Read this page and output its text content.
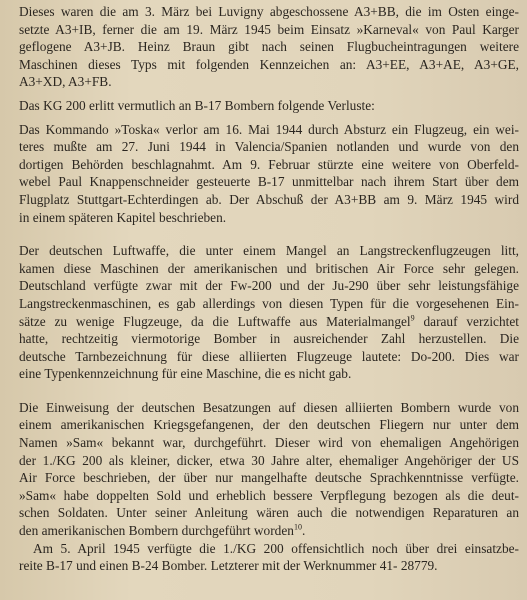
Dieses waren die am 3. März bei Luvigny abgeschossene A3+BB, die im Osten einge-
setzte A3+IB, ferner die am 19. März 1945 beim Einsatz »Karneval« von Paul Karger
geflogene A3+JB. Heinz Braun gibt nach seinen Flugbucheintragungen weitere
Maschinen dieses Typs mit folgenden Kennzeichen an: A3+EE, A3+AE, A3+GE,
A3+XD, A3+FB.

Das KG 200 erlitt vermutlich an B-17 Bombern folgende Verluste:

Das Kommando »Toska« verlor am 16. Mai 1944 durch Absturz ein Flugzeug, ein wei-
teres mußte am 27. Juni 1944 in Valencia/Spanien notlanden und wurde von den
dortigen Behörden beschlagnahmt. Am 9. Februar stürzte eine weitere von Oberfeld-
webel Paul Knappenschneider gesteuerte B-17 unmittelbar nach ihrem Start über dem
Flugplatz Stuttgart-Echterdingen ab. Der Abschuß der A3+BB am 9. März 1945 wird
in einem späteren Kapitel beschrieben.

Der deutschen Luftwaffe, die unter einem Mangel an Langstreckenflugzeugen litt,
kamen diese Maschinen der amerikanischen und britischen Air Force sehr gelegen.
Deutschland verfügte zwar mit der Fw-200 und der Ju-290 über sehr leistungsfähige
Langstreckenmaschinen, es gab allerdings von diesen Typen für die vorgesehenen Ein-
sätze zu wenige Flugzeuge, da die Luftwaffe aus Materialmangel$^9$ darauf verzichtet
hatte, rechtzeitig viermotorige Bomber in ausreichender Zahl herzustellen. Die
deutsche Tarnbezeichnung für diese alliierten Flugzeuge lautete: Do-200. Dies war
eine Typenkennzeichnung für eine Maschine, die es nicht gab.

Die Einweisung der deutschen Besatzungen auf diesen alliierten Bombern wurde von
einem amerikanischen Kriegsgefangenen, der den deutschen Fliegern nur unter dem
Namen »Sam« bekannt war, durchgeführt. Dieser wird von ehemaligen Angehörigen
der 1./KG 200 als kleiner, dicker, etwa 30 Jahre alter, ehemaliger Angehöriger der US
Air Force beschrieben, der über nur mangelhafte deutsche Sprachkenntnisse verfügte.
»Sam« habe doppelten Sold und erheblich bessere Verpflegung bezogen als die deut-
schen Soldaten. Unter seiner Anleitung wären auch die notwendigen Reparaturen an
den amerikanischen Bombern durchgeführt worden$^{10}$.

Am 5. April 1945 verfügte die 1./KG 200 offensichtlich noch über drei einsatzbe-
reite B-17 und einen B-24 Bomber. Letzterer mit der Werknummer 41- 28779.
